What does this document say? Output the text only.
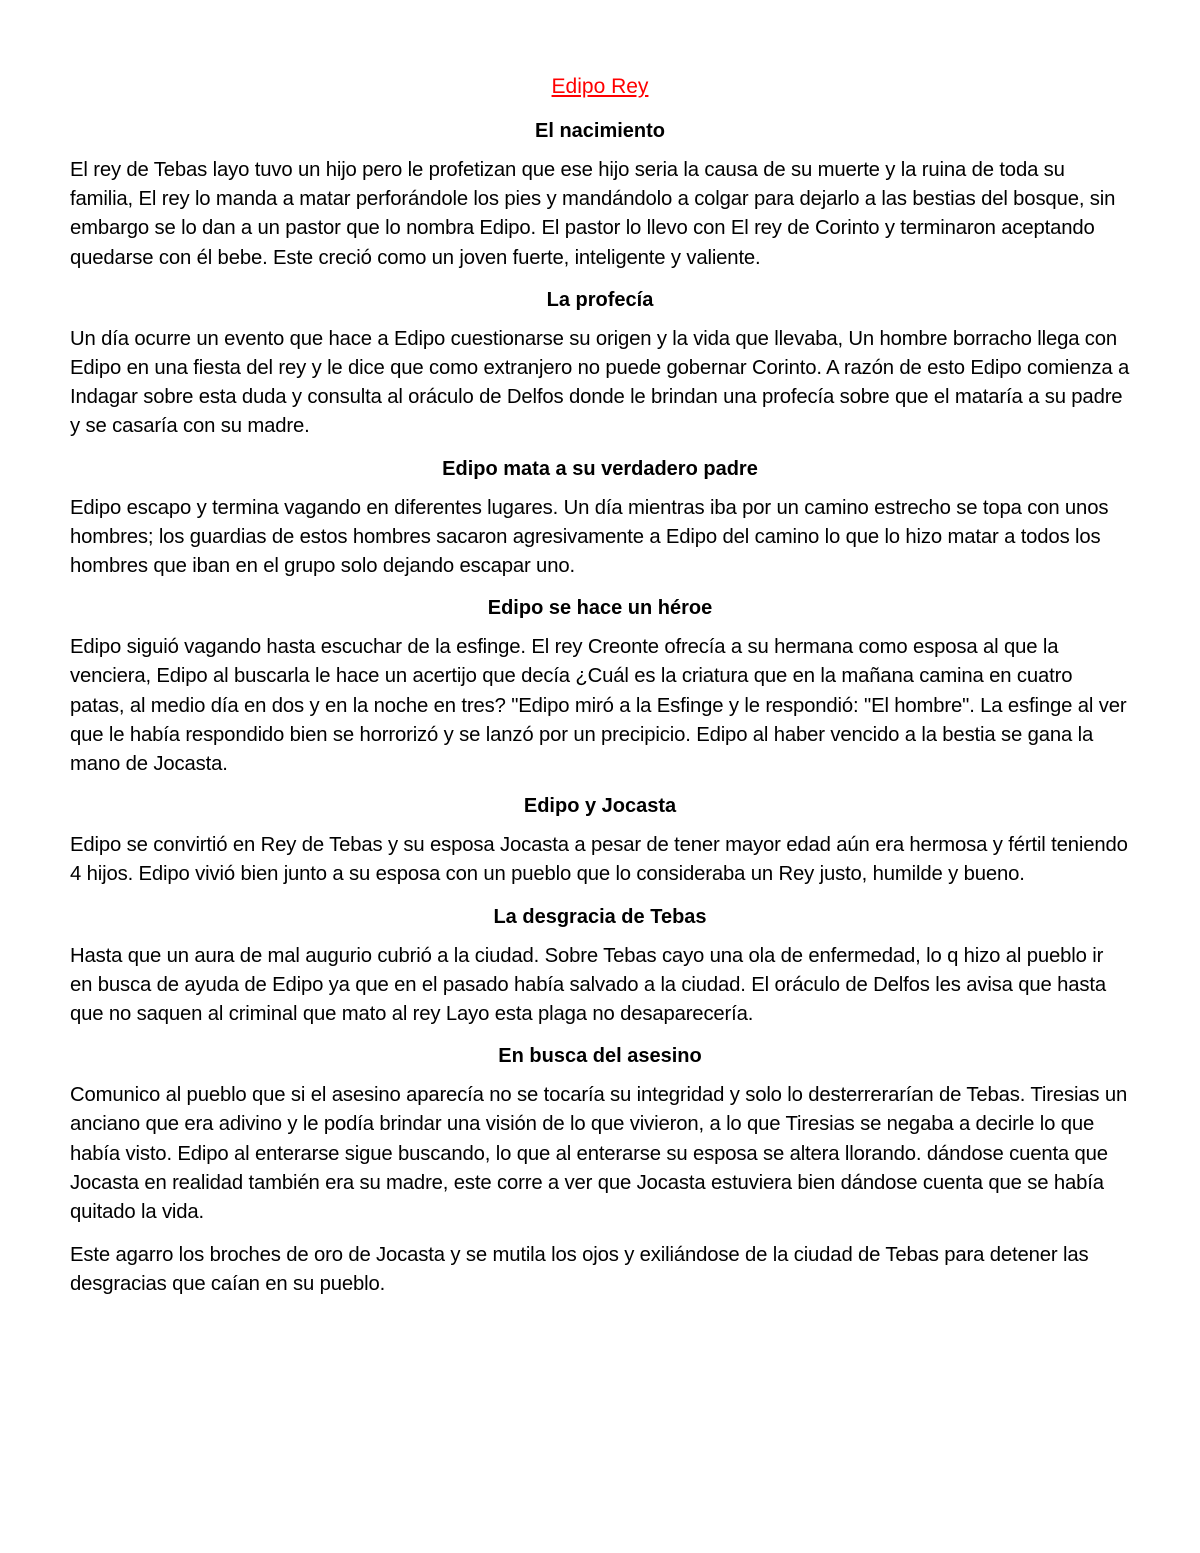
Edipo Rey
El nacimiento

El rey de Tebas layo tuvo un hijo pero le profetizan que ese hijo seria la causa de su muerte y la ruina de toda su familia, El rey lo manda a matar perforándole los pies y mandándolo a colgar para dejarlo a las bestias del bosque, sin embargo se lo dan a un pastor que lo nombra Edipo. El pastor lo llevo con El rey de Corinto y terminaron aceptando quedarse con él bebe. Este creció como un joven fuerte, inteligente y valiente.

La profecía

Un día ocurre un evento que hace a Edipo cuestionarse su origen y la vida que llevaba, Un hombre borracho llega con Edipo en una fiesta del rey y le dice que como extranjero no puede gobernar Corinto. A razón de esto Edipo comienza a Indagar sobre esta duda y consulta al oráculo de Delfos donde le brindan una profecía sobre que el mataría a su padre y se casaría con su madre.

Edipo mata a su verdadero padre

Edipo escapo y termina vagando en diferentes lugares. Un día mientras iba por un camino estrecho se topa con unos hombres; los guardias de estos hombres sacaron agresivamente a Edipo del camino lo que lo hizo matar a todos los hombres que iban en el grupo solo dejando escapar uno.

Edipo se hace un héroe

Edipo siguió vagando hasta escuchar de la esfinge. El rey Creonte ofrecía a su hermana como esposa al que la venciera, Edipo al buscarla le hace un acertijo que decía ¿Cuál es la criatura que en la mañana camina en cuatro patas, al medio día en dos y en la noche en tres? "Edipo miró a la Esfinge y le respondió: "El hombre". La esfinge al ver que le había respondido bien se horrorizó y se lanzó por un precipicio. Edipo al haber vencido a la bestia se gana la mano de Jocasta.

Edipo y Jocasta

Edipo se convirtió en Rey de Tebas y su esposa Jocasta a pesar de tener mayor edad aún era hermosa y fértil teniendo 4 hijos. Edipo vivió bien junto a su esposa con un pueblo que lo consideraba un Rey justo, humilde y bueno.

La desgracia de Tebas

Hasta que un aura de mal augurio cubrió a la ciudad. Sobre Tebas cayo una ola de enfermedad, lo q hizo al pueblo ir en busca de ayuda de Edipo ya que en el pasado había salvado a la ciudad. El oráculo de Delfos les avisa que hasta que no saquen al criminal que mato al rey Layo esta plaga no desaparecería.

En busca del asesino

Comunico al pueblo que si el asesino aparecía no se tocaría su integridad y solo lo desterrerarían de Tebas. Tiresias un anciano que era adivino y le podía brindar una visión de lo que vivieron, a lo que Tiresias se negaba a decirle lo que había visto. Edipo al enterarse sigue buscando, lo que al enterarse su esposa se altera llorando. dándose cuenta que Jocasta en realidad también era su madre, este corre a ver que Jocasta estuviera bien dándose cuenta que se había quitado la vida.

Este agarro los broches de oro de Jocasta y se mutila los ojos y exiliándose de la ciudad de Tebas para detener las desgracias que caían en su pueblo.
